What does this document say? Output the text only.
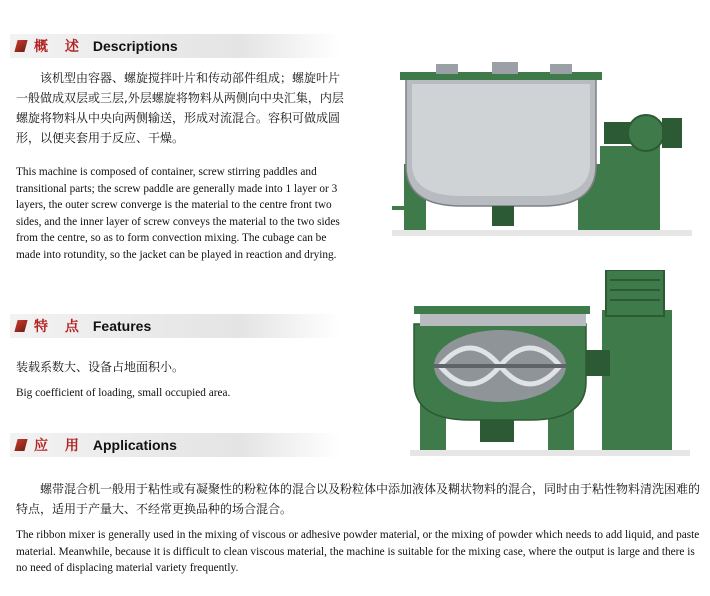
概 述 Descriptions
该机型由容器、螺旋搅拌叶片和传动部件组成；螺旋叶片一般做成双层或三层,外层螺旋将物料从两侧向中央汇集，内层螺旋将物料从中央向两侧输送，形成对流混合。容积可做成圆形，以便夹套用于反应、干燥。
This machine is composed of container, screw stirring paddles and transitional parts; the screw paddle are generally made into 1 layer or 3 layers, the outer screw converge is the material to the centre front two sides, and the inner layer of screw conveys the material to the two sides from the centre, so as to form convection mixing. The cubage can be made into rotundity, so the jacket can be played in reaction and drying.
特 点 Features
装载系数大、设备占地面积小。
Big coefficient of loading, small occupied area.
应 用 Applications
螺带混合机一般用于粘性或有凝聚性的粉粒体的混合以及粉粒体中添加液体及糊状物料的混合，同时由于粘性物料清洗困难的特点，适用于产量大、不经常更换品种的场合混合。
The ribbon mixer is generally used in the mixing of viscous or adhesive powder material, or the mixing of powder which needs to add liquid, and paste material. Meanwhile, because it is difficult to clean viscous material, the machine is suitable for the mixing case, where the output is large and there is no need of displacing material variety frequently.
